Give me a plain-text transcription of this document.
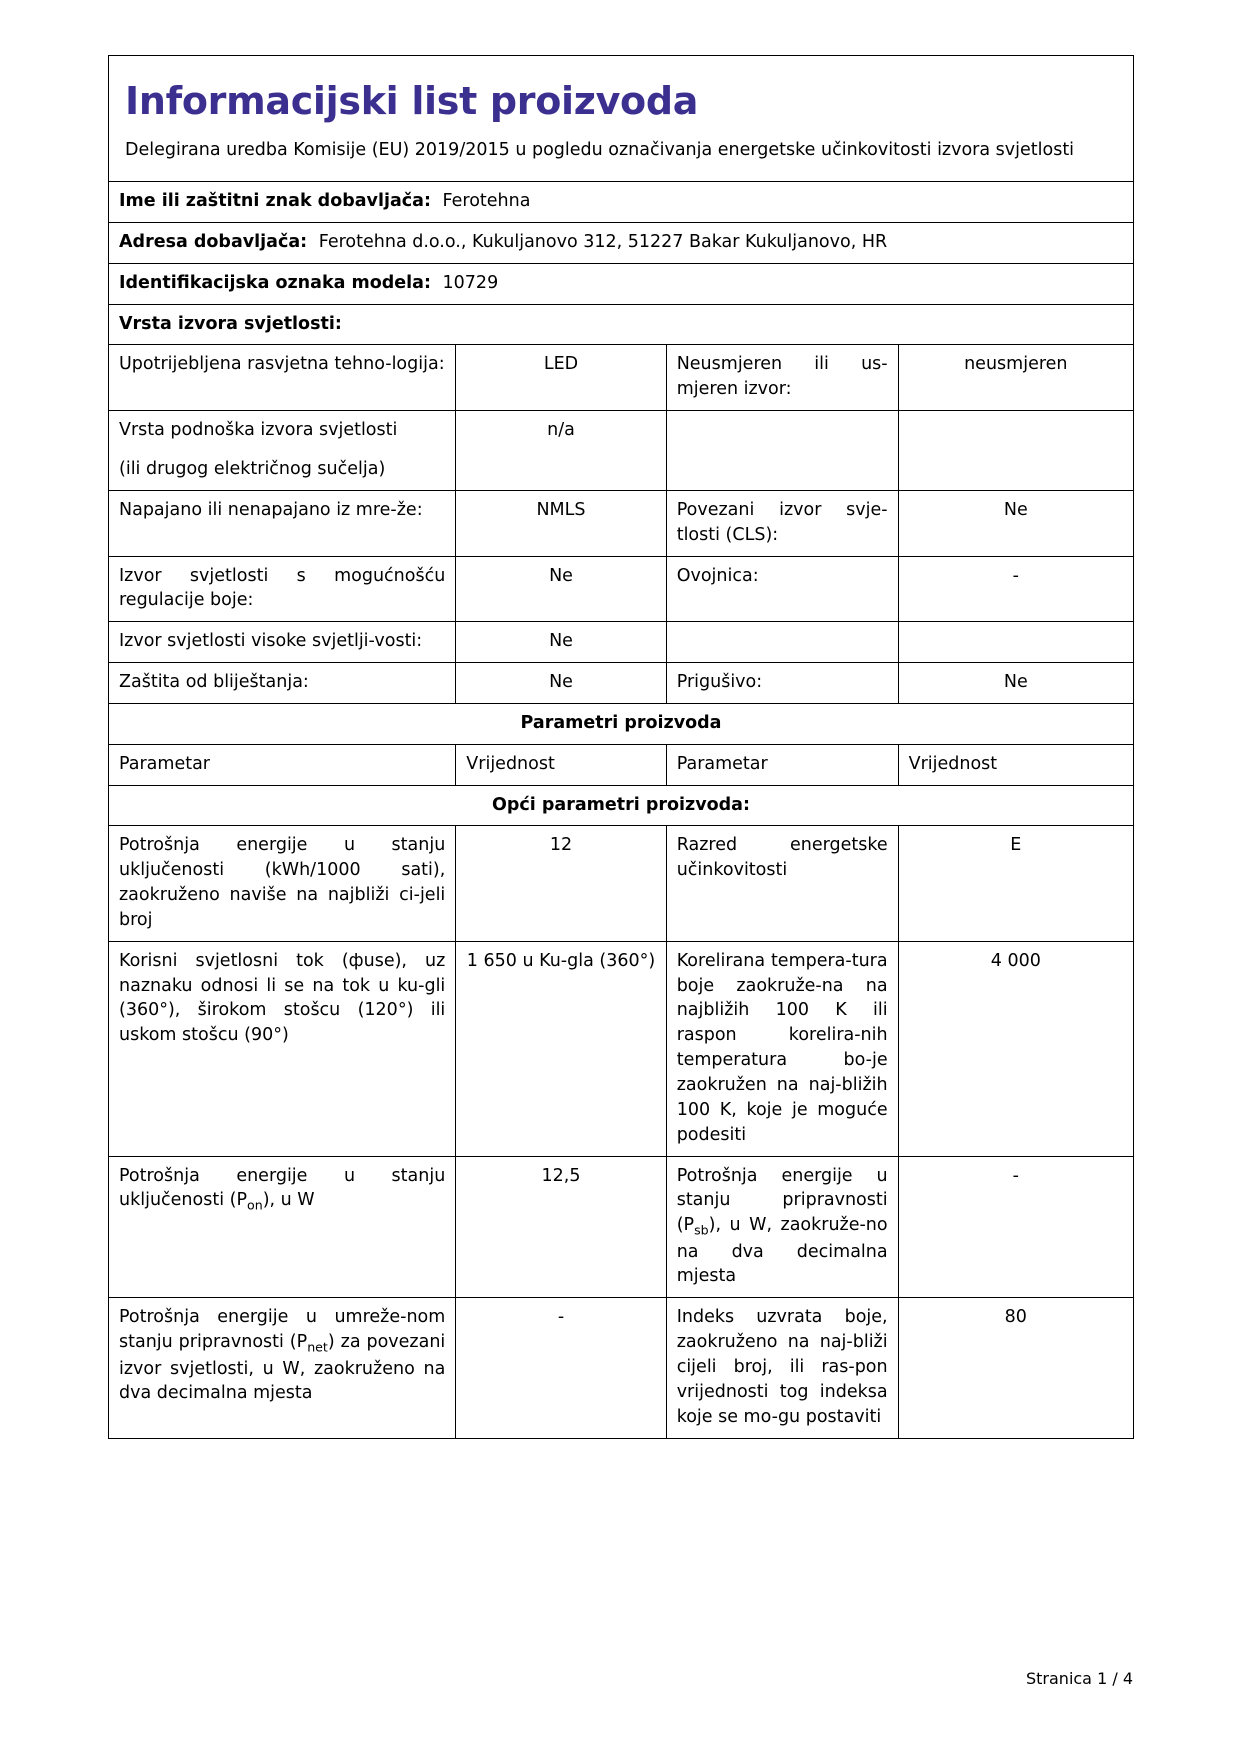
Informacijski list proizvoda
Delegirana uredba Komisije (EU) 2019/2015 u pogledu označivanja energetske učinkovitosti izvora svjetlosti			

Ime ili zaštitni znak dobavljača: Ferotehna			
Adresa dobavljača: Ferotehna d.o.o., Kukuljanovo 312, 51227 Bakar Kukuljanovo, HR			
Identifikacijska oznaka modela: 10729			
Vrsta izvora svjetlosti:			
Upotrijebljena rasvjetna tehno-logija:	LED	Neusmjeren ili us-mjeren izvor:	neusmjeren

Vrsta podnoška izvora svjetlosti
(ili drugog električnog sučelja)	n/a		
Napajano ili nenapajano iz mre-že:	NMLS	Povezani izvor svje-tlosti (CLS):	Ne
Izvor svjetlosti s mogućnošću regulacije boje:	Ne	Ovojnica:	-
Izvor svjetlosti visoke svjetlji-vosti:	Ne		
Zaštita od bliještanja:	Ne	Prigušivo:	Ne
Parametri proizvoda			
Parametar	Vrijednost	Parametar	Vrijednost
Opći parametri proizvoda:			
Potrošnja energije u stanju uključenosti (kWh/1000 sati), zaokruženo naviše na najbliži ci-jeli broj	12	Razred energetske učinkovitosti	E
Korisni svjetlosni tok (фuse), uz naznaku odnosi li se na tok u ku-gli (360°), širokom stošcu (120°) ili uskom stošcu (90°)	1 650 u Ku-gla (360°)	Korelirana tempera-tura boje zaokruže-na na najbližih 100 K ili raspon korelira-nih temperatura bo-je zaokružen na naj-bližih 100 K, koje je moguće podesiti	4 000
Potrošnja energije u stanju uključenosti $(P_{on})$, u W	12,5	Potrošnja energije u stanju pripravnosti $(P_{sb})$, u W, zaokruže-no na dva decimalna mjesta	-
Potrošnja energije u umreže-nom stanju pripravnosti $(P_{net})$ za povezani izvor svjetlosti, u W, zaokruženo na dva decimalna mjesta	-	Indeks uzvrata boje, zaokruženo na naj-bliži cijeli broj, ili ras-pon vrijednosti tog indeksa koje se mo-gu postaviti	80
Stranica 1 / 4
